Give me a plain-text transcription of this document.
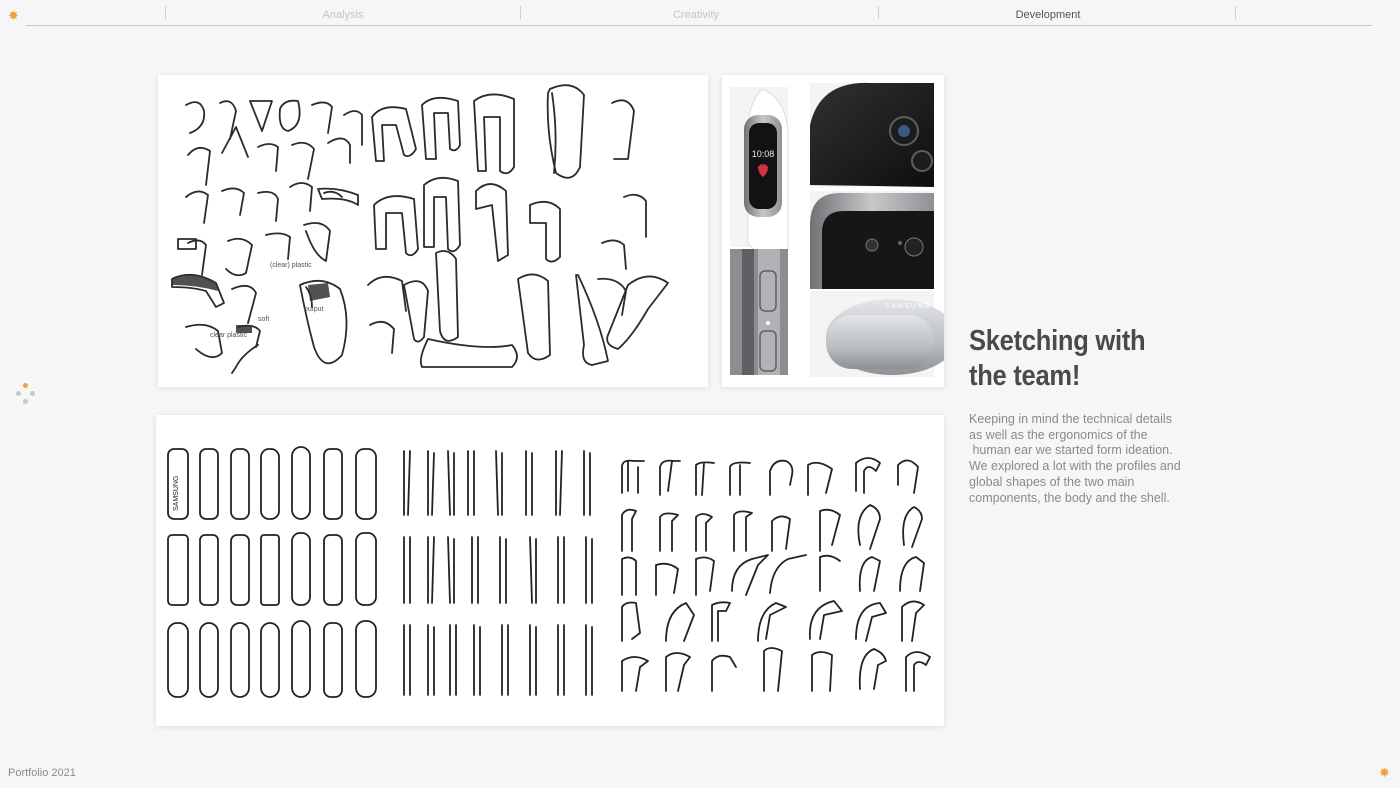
Analysis	Creativity	Development
✸
✸
(clear) plastic
soft
output
clear plastic
10:08
SAMSUNG
SAMSUNG
Sketching with
the team!

Keeping in mind the technical details
as well as the ergonomics of the
human ear we started form ideation.
We explored a lot with the profiles and
global shapes of the two main
components, the body and the shell.

Portfolio 2021
